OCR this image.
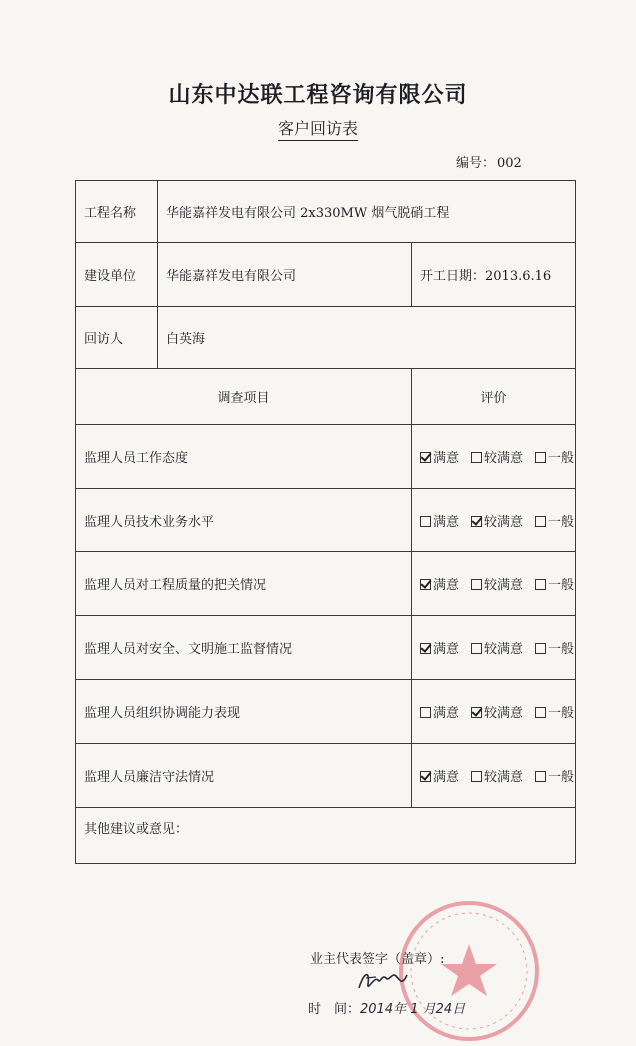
山东中达联工程咨询有限公司
客户回访表
编号： 002
工程名称	华能嘉祥发电有限公司 2x330MW 烟气脱硝工程	
建设单位	华能嘉祥发电有限公司	开工日期：2013.6.16
回访人	白英海	
调查项目		评价
监理人员工作态度		满意 较满意 一般
监理人员技术业务水平		满意 较满意 一般
监理人员对工程质量的把关情况		满意 较满意 一般
监理人员对安全、文明施工监督情况		满意 较满意 一般
监理人员组织协调能力表现		满意 较满意 一般
监理人员廉洁守法情况		满意 较满意 一般

其他建议或意见：
业主代表签字（盖章）:
时　间：2014年 1 月24日		
